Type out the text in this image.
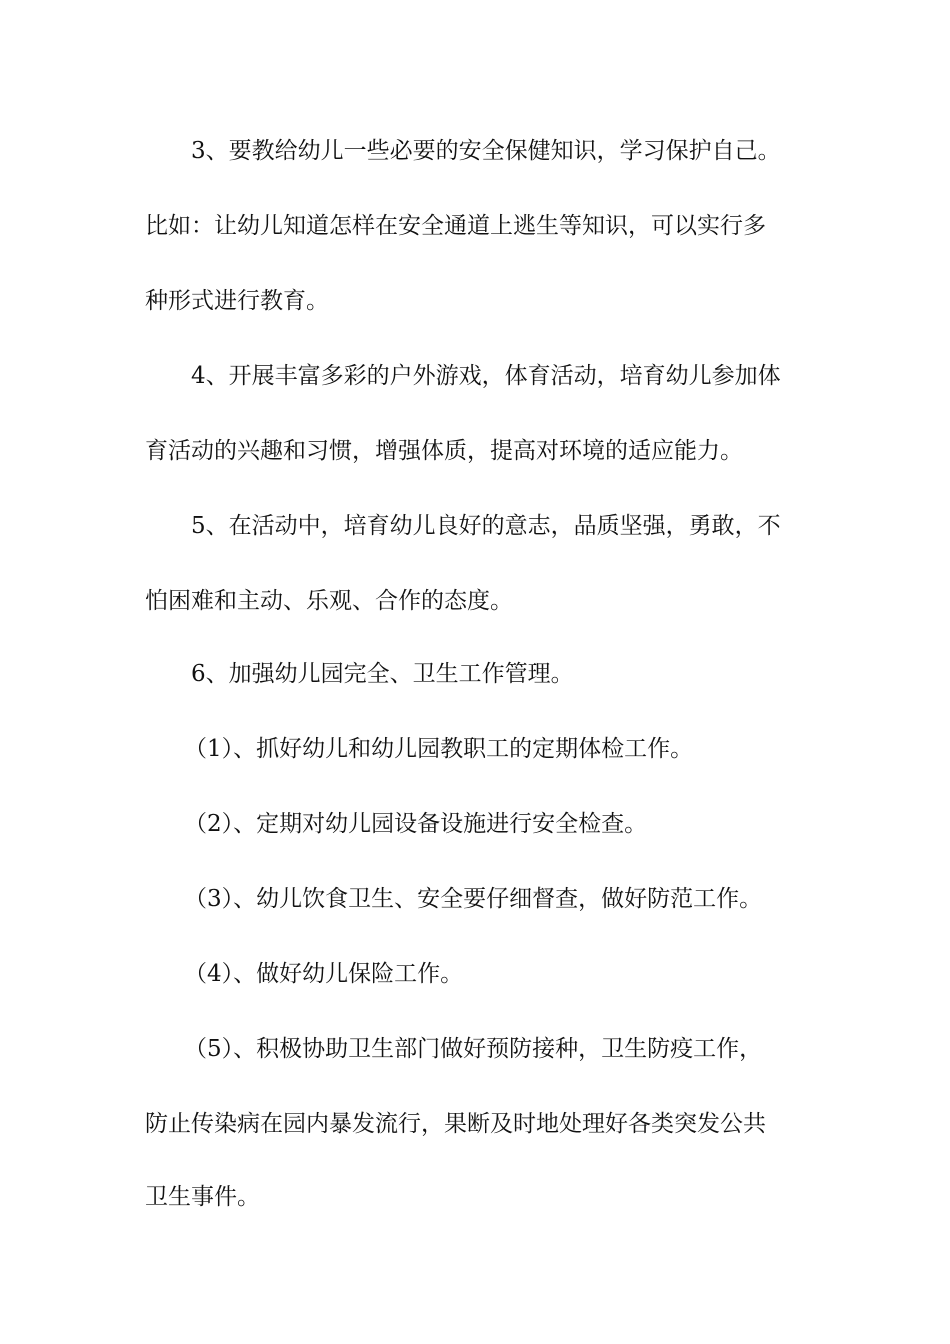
3、要教给幼儿一些必要的安全保健知识，学习保护自己。
比如：让幼儿知道怎样在安全通道上逃生等知识，可以实行多
种形式进行教育。
4、开展丰富多彩的户外游戏，体育活动，培育幼儿参加体
育活动的兴趣和习惯，增强体质，提高对环境的适应能力。
5、在活动中，培育幼儿良好的意志，品质坚强，勇敢，不
怕困难和主动、乐观、合作的态度。
6、加强幼儿园完全、卫生工作管理。
（1）、抓好幼儿和幼儿园教职工的定期体检工作。
（2）、定期对幼儿园设备设施进行安全检查。
（3）、幼儿饮食卫生、安全要仔细督查，做好防范工作。
（4）、做好幼儿保险工作。
（5）、积极协助卫生部门做好预防接种，卫生防疫工作，
防止传染病在园内暴发流行，果断及时地处理好各类突发公共
卫生事件。
